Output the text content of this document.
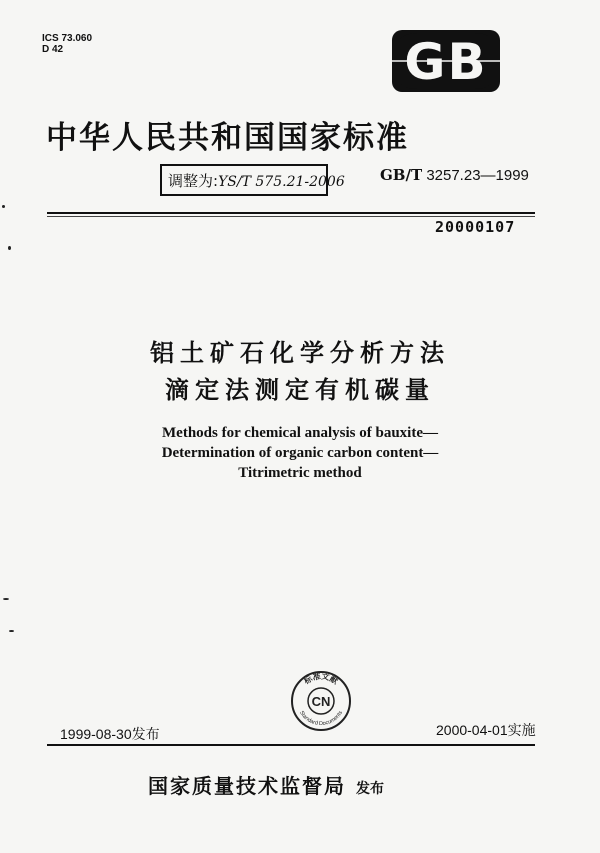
ICS 73.060
D 42	GB
中华人民共和国国家标准
调整为:YS/T 575.21-2006 GB/T 3257.23—1999
20000107
铝土矿石化学分析方法
滴定法测定有机碳量
Methods for chemical analysis of bauxite—
Determination of organic carbon content—
Titrimetric method
CN
标准文献
Standard Documents
1999-08-30发布	2000-04-01实施
国家质量技术监督局 发布
